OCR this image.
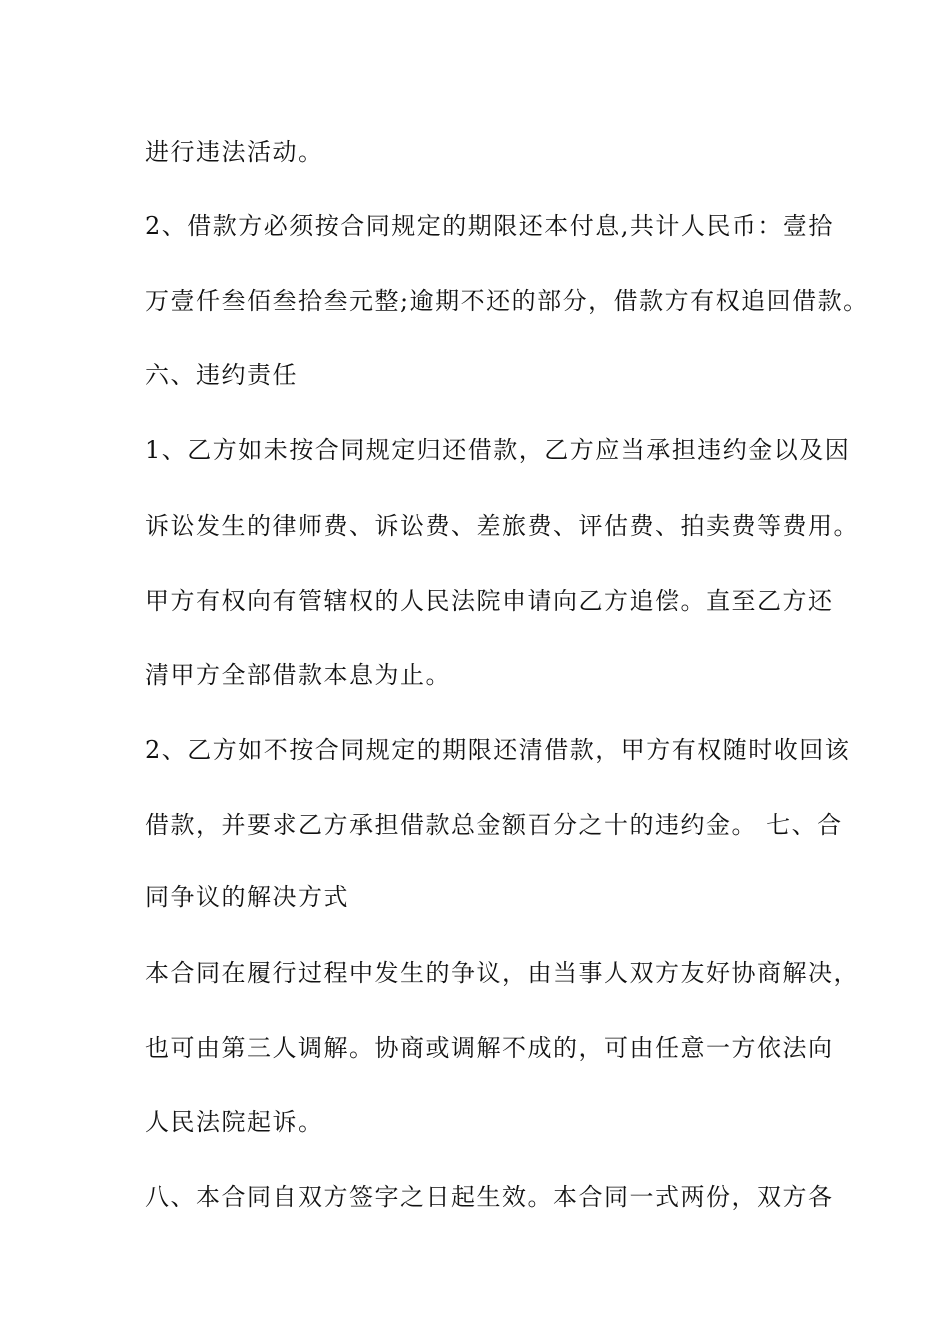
进行违法活动。
2、借款方必须按合同规定的期限还本付息,共计人民币：壹拾
万壹仟叁佰叁拾叁元整;逾期不还的部分，借款方有权追回借款。
六、违约责任
1、乙方如未按合同规定归还借款，乙方应当承担违约金以及因
诉讼发生的律师费、诉讼费、差旅费、评估费、拍卖费等费用。
甲方有权向有管辖权的人民法院申请向乙方追偿。直至乙方还
清甲方全部借款本息为止。
2、乙方如不按合同规定的期限还清借款，甲方有权随时收回该
借款，并要求乙方承担借款总金额百分之十的违约金。 七、合
同争议的解决方式
本合同在履行过程中发生的争议，由当事人双方友好协商解决，
也可由第三人调解。协商或调解不成的，可由任意一方依法向
人民法院起诉。
八、本合同自双方签字之日起生效。本合同一式两份，双方各
